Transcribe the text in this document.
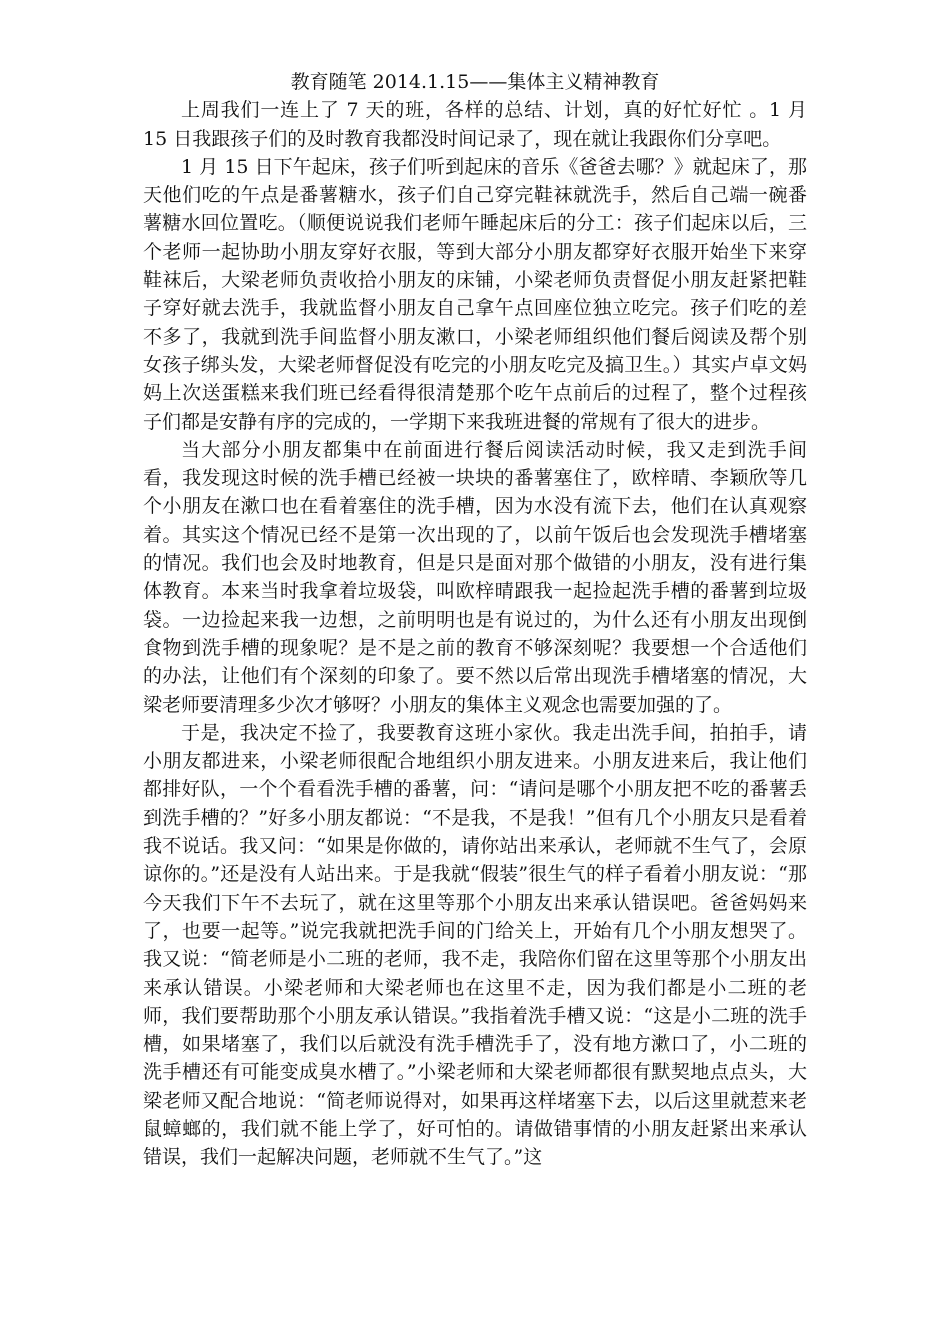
教育随笔 2014.1.15——集体主义精神教育

上周我们一连上了 7 天的班，各样的总结、计划，真的好忙好忙 。1 月 15 日我跟孩子们的及时教育我都没时间记录了，现在就让我跟你们分享吧。

1 月 15 日下午起床，孩子们听到起床的音乐《爸爸去哪？》就起床了，那天他们吃的午点是番薯糖水，孩子们自己穿完鞋袜就洗手，然后自己端一碗番薯糖水回位置吃。（顺便说说我们老师午睡起床后的分工：孩子们起床以后，三个老师一起协助小朋友穿好衣服，等到大部分小朋友都穿好衣服开始坐下来穿鞋袜后，大梁老师负责收拾小朋友的床铺，小梁老师负责督促小朋友赶紧把鞋子穿好就去洗手，我就监督小朋友自己拿午点回座位独立吃完。孩子们吃的差不多了，我就到洗手间监督小朋友漱口，小梁老师组织他们餐后阅读及帮个别女孩子绑头发，大梁老师督促没有吃完的小朋友吃完及搞卫生。）其实卢卓文妈妈上次送蛋糕来我们班已经看得很清楚那个吃午点前后的过程了，整个过程孩子们都是安静有序的完成的，一学期下来我班进餐的常规有了很大的进步。

当大部分小朋友都集中在前面进行餐后阅读活动时候，我又走到洗手间看，我发现这时候的洗手槽已经被一块块的番薯塞住了，欧梓晴、李颖欣等几个小朋友在漱口也在看着塞住的洗手槽，因为水没有流下去，他们在认真观察着。其实这个情况已经不是第一次出现的了，以前午饭后也会发现洗手槽堵塞的情况。我们也会及时地教育，但是只是面对那个做错的小朋友，没有进行集体教育。本来当时我拿着垃圾袋，叫欧梓晴跟我一起捡起洗手槽的番薯到垃圾袋。一边捡起来我一边想，之前明明也是有说过的，为什么还有小朋友出现倒食物到洗手槽的现象呢？是不是之前的教育不够深刻呢？我要想一个合适他们的办法，让他们有个深刻的印象了。要不然以后常出现洗手槽堵塞的情况，大梁老师要清理多少次才够呀？小朋友的集体主义观念也需要加强的了。

于是，我决定不捡了，我要教育这班小家伙。我走出洗手间，拍拍手，请小朋友都进来，小梁老师很配合地组织小朋友进来。小朋友进来后，我让他们都排好队，一个个看看洗手槽的番薯，问：“请问是哪个小朋友把不吃的番薯丢到洗手槽的？”好多小朋友都说：“不是我，不是我！”但有几个小朋友只是看着我不说话。我又问：“如果是你做的，请你站出来承认，老师就不生气了，会原谅你的。”还是没有人站出来。于是我就“假装”很生气的样子看着小朋友说：“那今天我们下午不去玩了，就在这里等那个小朋友出来承认错误吧。爸爸妈妈来了，也要一起等。”说完我就把洗手间的门给关上，开始有几个小朋友想哭了。我又说：“简老师是小二班的老师，我不走，我陪你们留在这里等那个小朋友出来承认错误。小梁老师和大梁老师也在这里不走，因为我们都是小二班的老师，我们要帮助那个小朋友承认错误。”我指着洗手槽又说：“这是小二班的洗手槽，如果堵塞了，我们以后就没有洗手槽洗手了，没有地方漱口了，小二班的洗手槽还有可能变成臭水槽了。”小梁老师和大梁老师都很有默契地点点头，大梁老师又配合地说：“简老师说得对，如果再这样堵塞下去，以后这里就惹来老鼠蟑螂的，我们就不能上学了，好可怕的。请做错事情的小朋友赶紧出来承认错误，我们一起解决问题，老师就不生气了。”这
